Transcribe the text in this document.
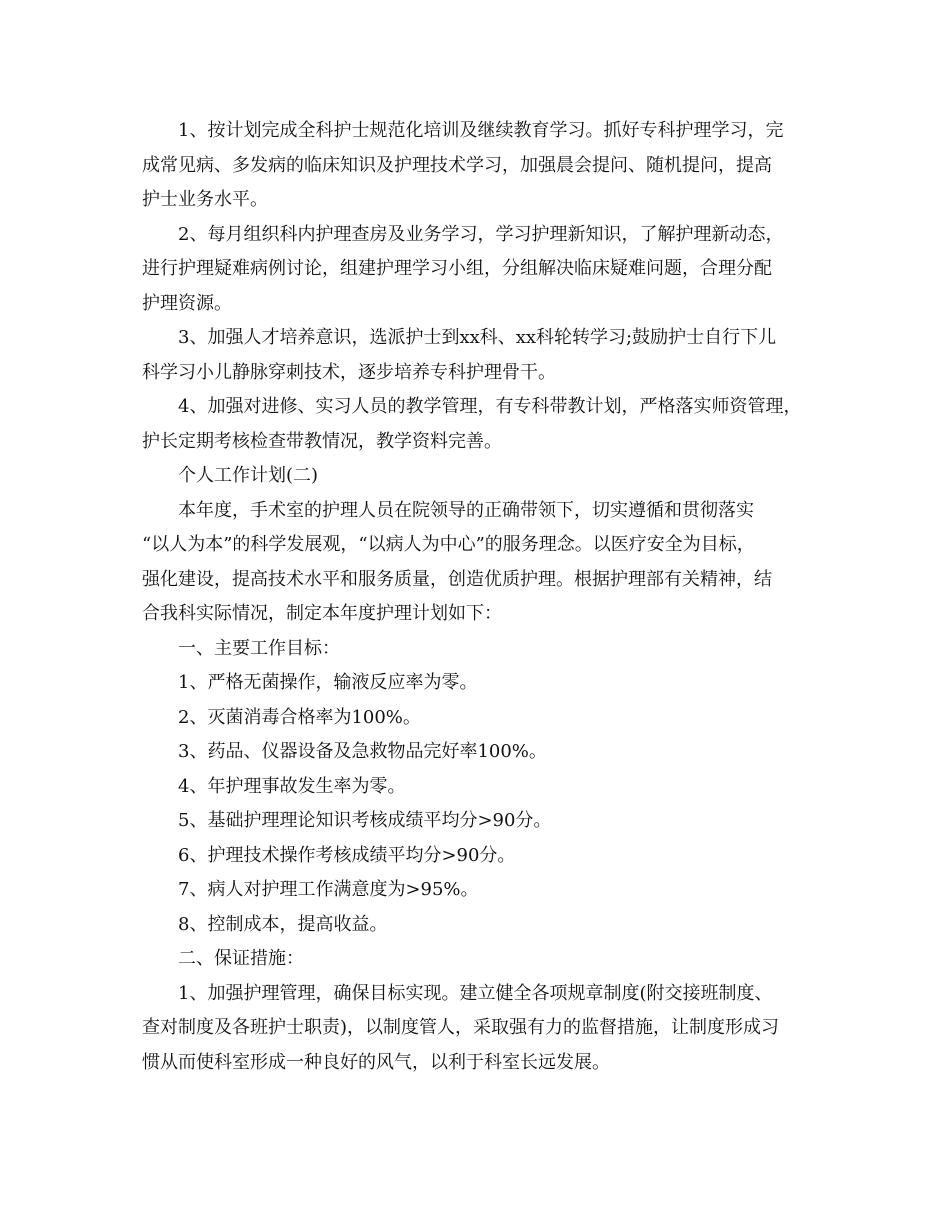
1、按计划完成全科护士规范化培训及继续教育学习。抓好专科护理学习，完
成常见病、多发病的临床知识及护理技术学习，加强晨会提问、随机提问，提高
护士业务水平。
2、每月组织科内护理查房及业务学习，学习护理新知识，了解护理新动态，
进行护理疑难病例讨论，组建护理学习小组，分组解决临床疑难问题，合理分配
护理资源。
3、加强人才培养意识，选派护士到xx科、xx科轮转学习;鼓励护士自行下儿
科学习小儿静脉穿刺技术，逐步培养专科护理骨干。
4、加强对进修、实习人员的教学管理，有专科带教计划，严格落实师资管理，
护长定期考核检查带教情况，教学资料完善。
个人工作计划(二)
本年度，手术室的护理人员在院领导的正确带领下，切实遵循和贯彻落实
“以人为本”的科学发展观，“以病人为中心”的服务理念。以医疗安全为目标，
强化建设，提高技术水平和服务质量，创造优质护理。根据护理部有关精神，结
合我科实际情况，制定本年度护理计划如下：
一、主要工作目标：
1、严格无菌操作，输液反应率为零。
2、灭菌消毒合格率为100%。
3、药品、仪器设备及急救物品完好率100%。
4、年护理事故发生率为零。
5、基础护理理论知识考核成绩平均分>90分。
6、护理技术操作考核成绩平均分>90分。
7、病人对护理工作满意度为>95%。
8、控制成本，提高收益。
二、保证措施：
1、加强护理管理，确保目标实现。建立健全各项规章制度(附交接班制度、
查对制度及各班护士职责)，以制度管人，采取强有力的监督措施，让制度形成习
惯从而使科室形成一种良好的风气，以利于科室长远发展。
